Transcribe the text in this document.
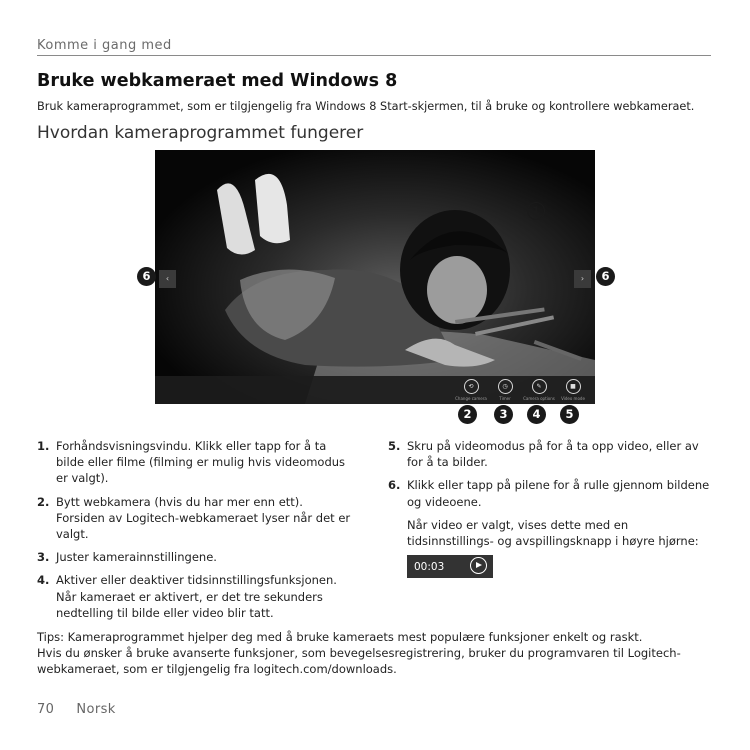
Komme i gang med
Bruke webkameraet med Windows 8
Bruk kameraprogrammet, som er tilgjengelig fra Windows 8 Start-skjermen, til å bruke og kontrollere webkameraet.
Hvordan kameraprogrammet fungerer
‹	›
⟲
Change camera
◷
Timer
✎
Camera options
■
Video mode
1
6	6
2	3	4	5
1. Forhåndsvisningsvindu. Klikk eller tapp for å ta bilde eller filme (filming er mulig hvis videomodus er valgt).
2. Bytt webkamera (hvis du har mer enn ett). Forsiden av Logitech-webkameraet lyser når det er valgt.
3. Juster kamerainnstillingene.
4. Aktiver eller deaktiver tidsinnstillingsfunksjonen. Når kameraet er aktivert, er det tre sekunders nedtelling til bilde eller video blir tatt.
5. Skru på videomodus på for å ta opp video, eller av for å ta bilder.
6. Klikk eller tapp på pilene for å rulle gjennom bildene og videoene.
Når video er valgt, vises dette med en tidsinnstillings- og avspillingsknapp i høyre hjørne:
00:03
Tips: Kameraprogrammet hjelper deg med å bruke kameraets mest populære funksjoner enkelt og raskt.
Hvis du ønsker å bruke avanserte funksjoner, som bevegelsesregistrering, bruker du programvaren til Logitech-webkameraet, som er tilgjengelig fra logitech.com/downloads.
70 Norsk
